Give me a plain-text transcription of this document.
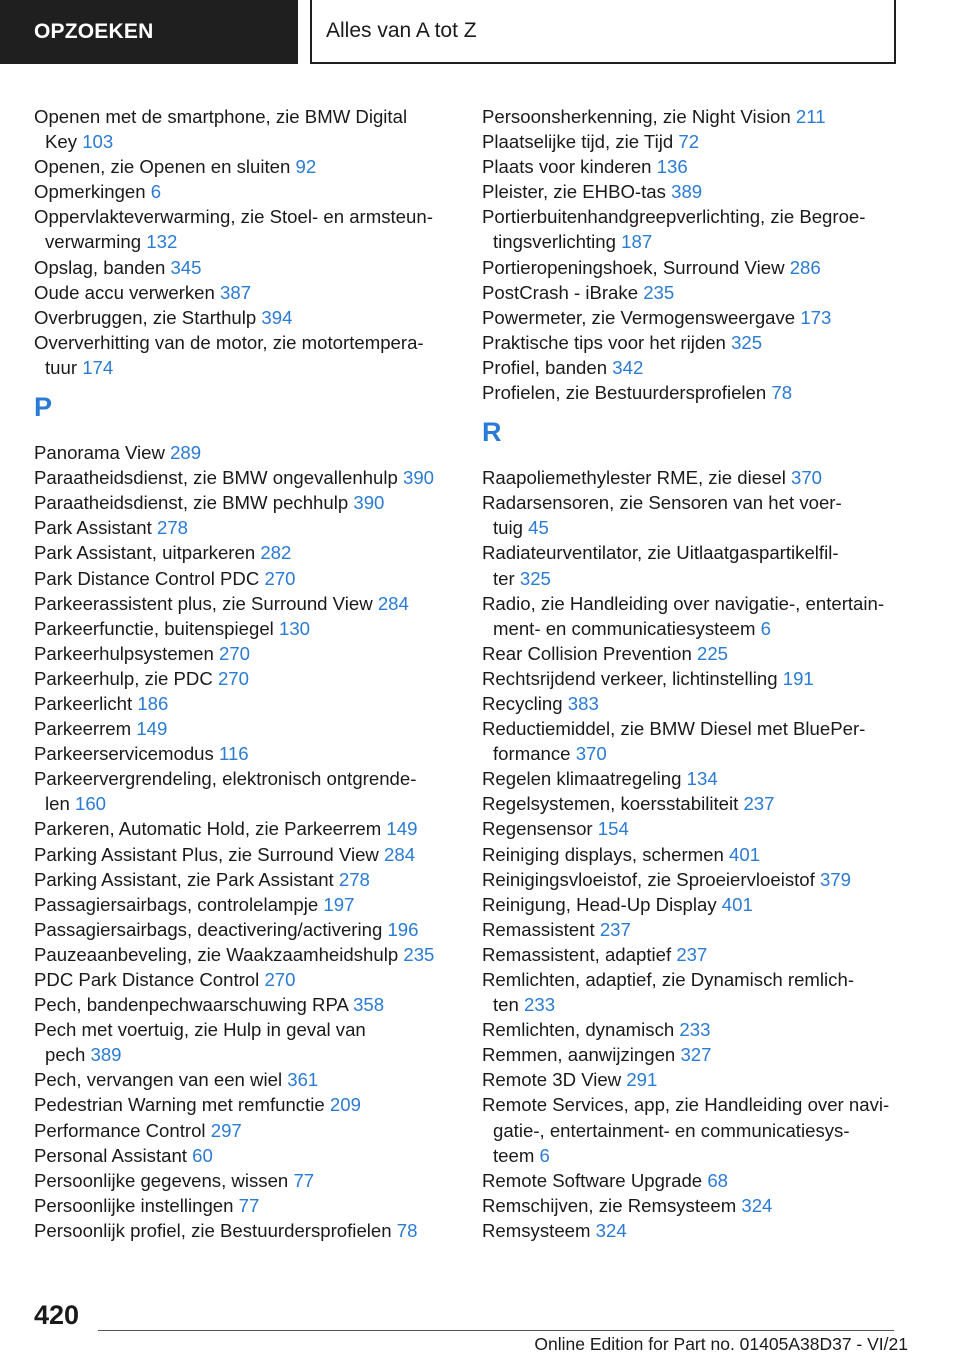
OPZOEKEN	Alles van A tot Z
Openen met de smartphone, zie BMW Digital
Key 103
Openen, zie Openen en sluiten 92
Opmerkingen 6
Oppervlakteverwarming, zie Stoel- en armsteun-
verwarming 132
Opslag, banden 345
Oude accu verwerken 387
Overbruggen, zie Starthulp 394
Oververhitting van de motor, zie motortempera-
tuur 174
P
Panorama View 289
Paraatheidsdienst, zie BMW ongevallenhulp 390
Paraatheidsdienst, zie BMW pechhulp 390
Park Assistant 278
Park Assistant, uitparkeren 282
Park Distance Control PDC 270
Parkeerassistent plus, zie Surround View 284
Parkeerfunctie, buitenspiegel 130
Parkeerhulpsystemen 270
Parkeerhulp, zie PDC 270
Parkeerlicht 186
Parkeerrem 149
Parkeerservicemodus 116
Parkeervergrendeling, elektronisch ontgrende-
len 160
Parkeren, Automatic Hold, zie Parkeerrem 149
Parking Assistant Plus, zie Surround View 284
Parking Assistant, zie Park Assistant 278
Passagiersairbags, controlelampje 197
Passagiersairbags, deactivering/activering 196
Pauzeaanbeveling, zie Waakzaamheidshulp 235
PDC Park Distance Control 270
Pech, bandenpechwaarschuwing RPA 358
Pech met voertuig, zie Hulp in geval van
pech 389
Pech, vervangen van een wiel 361
Pedestrian Warning met remfunctie 209
Performance Control 297
Personal Assistant 60
Persoonlijke gegevens, wissen 77
Persoonlijke instellingen 77
Persoonlijk profiel, zie Bestuurdersprofielen 78
Persoonsherkenning, zie Night Vision 211
Plaatselijke tijd, zie Tijd 72
Plaats voor kinderen 136
Pleister, zie EHBO-tas 389
Portierbuitenhandgreepverlichting, zie Begroe-
tingsverlichting 187
Portieropeningshoek, Surround View 286
PostCrash - iBrake 235
Powermeter, zie Vermogensweergave 173
Praktische tips voor het rijden 325
Profiel, banden 342
Profielen, zie Bestuurdersprofielen 78
R
Raapoliemethylester RME, zie diesel 370
Radarsensoren, zie Sensoren van het voer-
tuig 45
Radiateurventilator, zie Uitlaatgaspartikelfil-
ter 325
Radio, zie Handleiding over navigatie-, entertain-
ment- en communicatiesysteem 6
Rear Collision Prevention 225
Rechtsrijdend verkeer, lichtinstelling 191
Recycling 383
Reductiemiddel, zie BMW Diesel met BluePer-
formance 370
Regelen klimaatregeling 134
Regelsystemen, koersstabiliteit 237
Regensensor 154
Reiniging displays, schermen 401
Reinigingsvloeistof, zie Sproeiervloeistof 379
Reinigung, Head-Up Display 401
Remassistent 237
Remassistent, adaptief 237
Remlichten, adaptief, zie Dynamisch remlich-
ten 233
Remlichten, dynamisch 233
Remmen, aanwijzingen 327
Remote 3D View 291
Remote Services, app, zie Handleiding over navi-
gatie-, entertainment- en communicatiesys-
teem 6
Remote Software Upgrade 68
Remschijven, zie Remsysteem 324
Remsysteem 324
420
Online Edition for Part no. 01405A38D37 - VI/21
